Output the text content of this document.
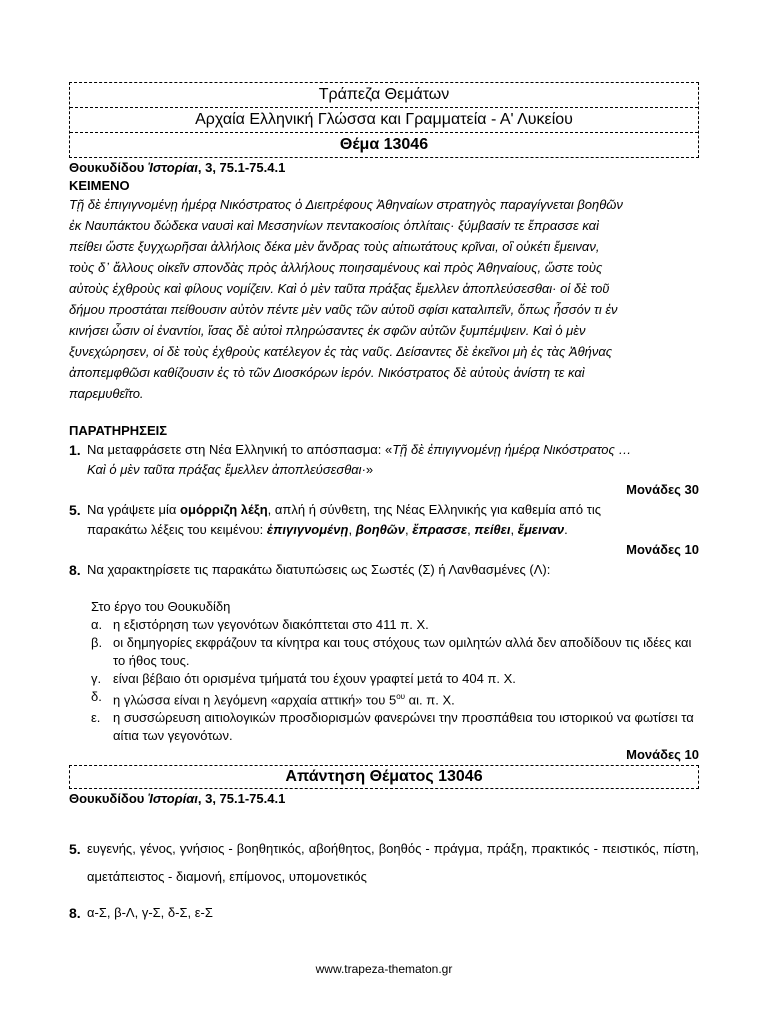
Τράπεζα Θεμάτων
Αρχαία Ελληνική Γλώσσα και Γραμματεία - Α' Λυκείου
Θέμα 13046
Θουκυδίδου Ἱστορίαι, 3, 75.1-75.4.1
ΚΕΙΜΕΝΟ
Τῇ δὲ ἐπιγιγνομένῃ ἡμέρᾳ Νικόστρατος ὁ Διειτρέφους Ἀθηναίων στρατηγὸς παραγίγνεται βοηθῶν
ἐκ Ναυπάκτου δώδεκα ναυσὶ καὶ Μεσσηνίων πεντακοσίοις ὁπλίταις· ξύμβασίν τε ἔπρασσε καὶ
πείθει ὥστε ξυγχωρῆσαι ἀλλήλοις δέκα μὲν ἄνδρας τοὺς αἰτιωτάτους κρῖναι, οἳ οὐκέτι ἔμειναν,
τοὺς δ᾽ ἄλλους οἰκεῖν σπονδὰς πρὸς ἀλλήλους ποιησαμένους καὶ πρὸς Ἀθηναίους, ὥστε τοὺς
αὐτοὺς ἐχθροὺς καὶ φίλους νομίζειν. Καὶ ὁ μὲν ταῦτα πράξας ἔμελλεν ἀποπλεύσεσθαι· οἱ δὲ τοῦ
δήμου προστάται πείθουσιν αὐτὸν πέντε μὲν ναῦς τῶν αὑτοῦ σφίσι καταλιπεῖν, ὅπως ἧσσόν τι ἐν
κινήσει ὦσιν οἱ ἐναντίοι, ἴσας δὲ αὐτοὶ πληρώσαντες ἐκ σφῶν αὐτῶν ξυμπέμψειν. Καὶ ὁ μὲν
ξυνεχώρησεν, οἱ δὲ τοὺς ἐχθροὺς κατέλεγον ἐς τὰς ναῦς. Δείσαντες δὲ ἐκεῖνοι μὴ ἐς τὰς Ἀθήνας
ἀποπεμφθῶσι καθίζουσιν ἐς τὸ τῶν Διοσκόρων ἱερόν. Νικόστρατος δὲ αὐτοὺς ἀνίστη τε καὶ
παρεμυθεῖτο.
ΠΑΡΑΤΗΡΗΣΕΙΣ
1. Να μεταφράσετε στη Νέα Ελληνική το απόσπασμα: «Τῇ δὲ ἐπιγιγνομένῃ ἡμέρᾳ Νικόστρατος …
Καὶ ὁ μὲν ταῦτα πράξας ἔμελλεν ἀποπλεύσεσθαι·»
Μονάδες 30
5. Να γράψετε μία ομόρριζη λέξη, απλή ή σύνθετη, της Νέας Ελληνικής για καθεμία από τις
παρακάτω λέξεις του κειμένου: ἐπιγιγνομένῃ, βοηθῶν, ἔπρασσε, πείθει, ἔμειναν.
Μονάδες 10
8. Να χαρακτηρίσετε τις παρακάτω διατυπώσεις ως Σωστές (Σ) ή Λανθασμένες (Λ):
Στο έργο του Θουκυδίδη
α. η εξιστόρηση των γεγονότων διακόπτεται στο 411 π. Χ.
β. οι δημηγορίες εκφράζουν τα κίνητρα και τους στόχους των ομιλητών αλλά δεν αποδίδουν τις ιδέες και το ήθος τους.
γ. είναι βέβαιο ότι ορισμένα τμήματά του έχουν γραφτεί μετά το 404 π. Χ.
δ. η γλώσσα είναι η λεγόμενη «αρχαία αττική» του $5^{o\upsilon}$ αι. π. Χ.
ε. η συσσώρευση αιτιολογικών προσδιορισμών φανερώνει την προσπάθεια του ιστορικού να φωτίσει τα αίτια των γεγονότων.
Μονάδες 10
Απάντηση Θέματος 13046
Θουκυδίδου Ἱστορίαι, 3, 75.1-75.4.1
5. ευγενής, γένος, γνήσιος - βοηθητικός, αβοήθητος, βοηθός - πράγμα, πράξη, πρακτικός - πειστικός, πίστη, αμετάπειστος - διαμονή, επίμονος, υπομονετικός
8. α-Σ, β-Λ, γ-Σ, δ-Σ, ε-Σ
www.trapeza-thematon.gr
